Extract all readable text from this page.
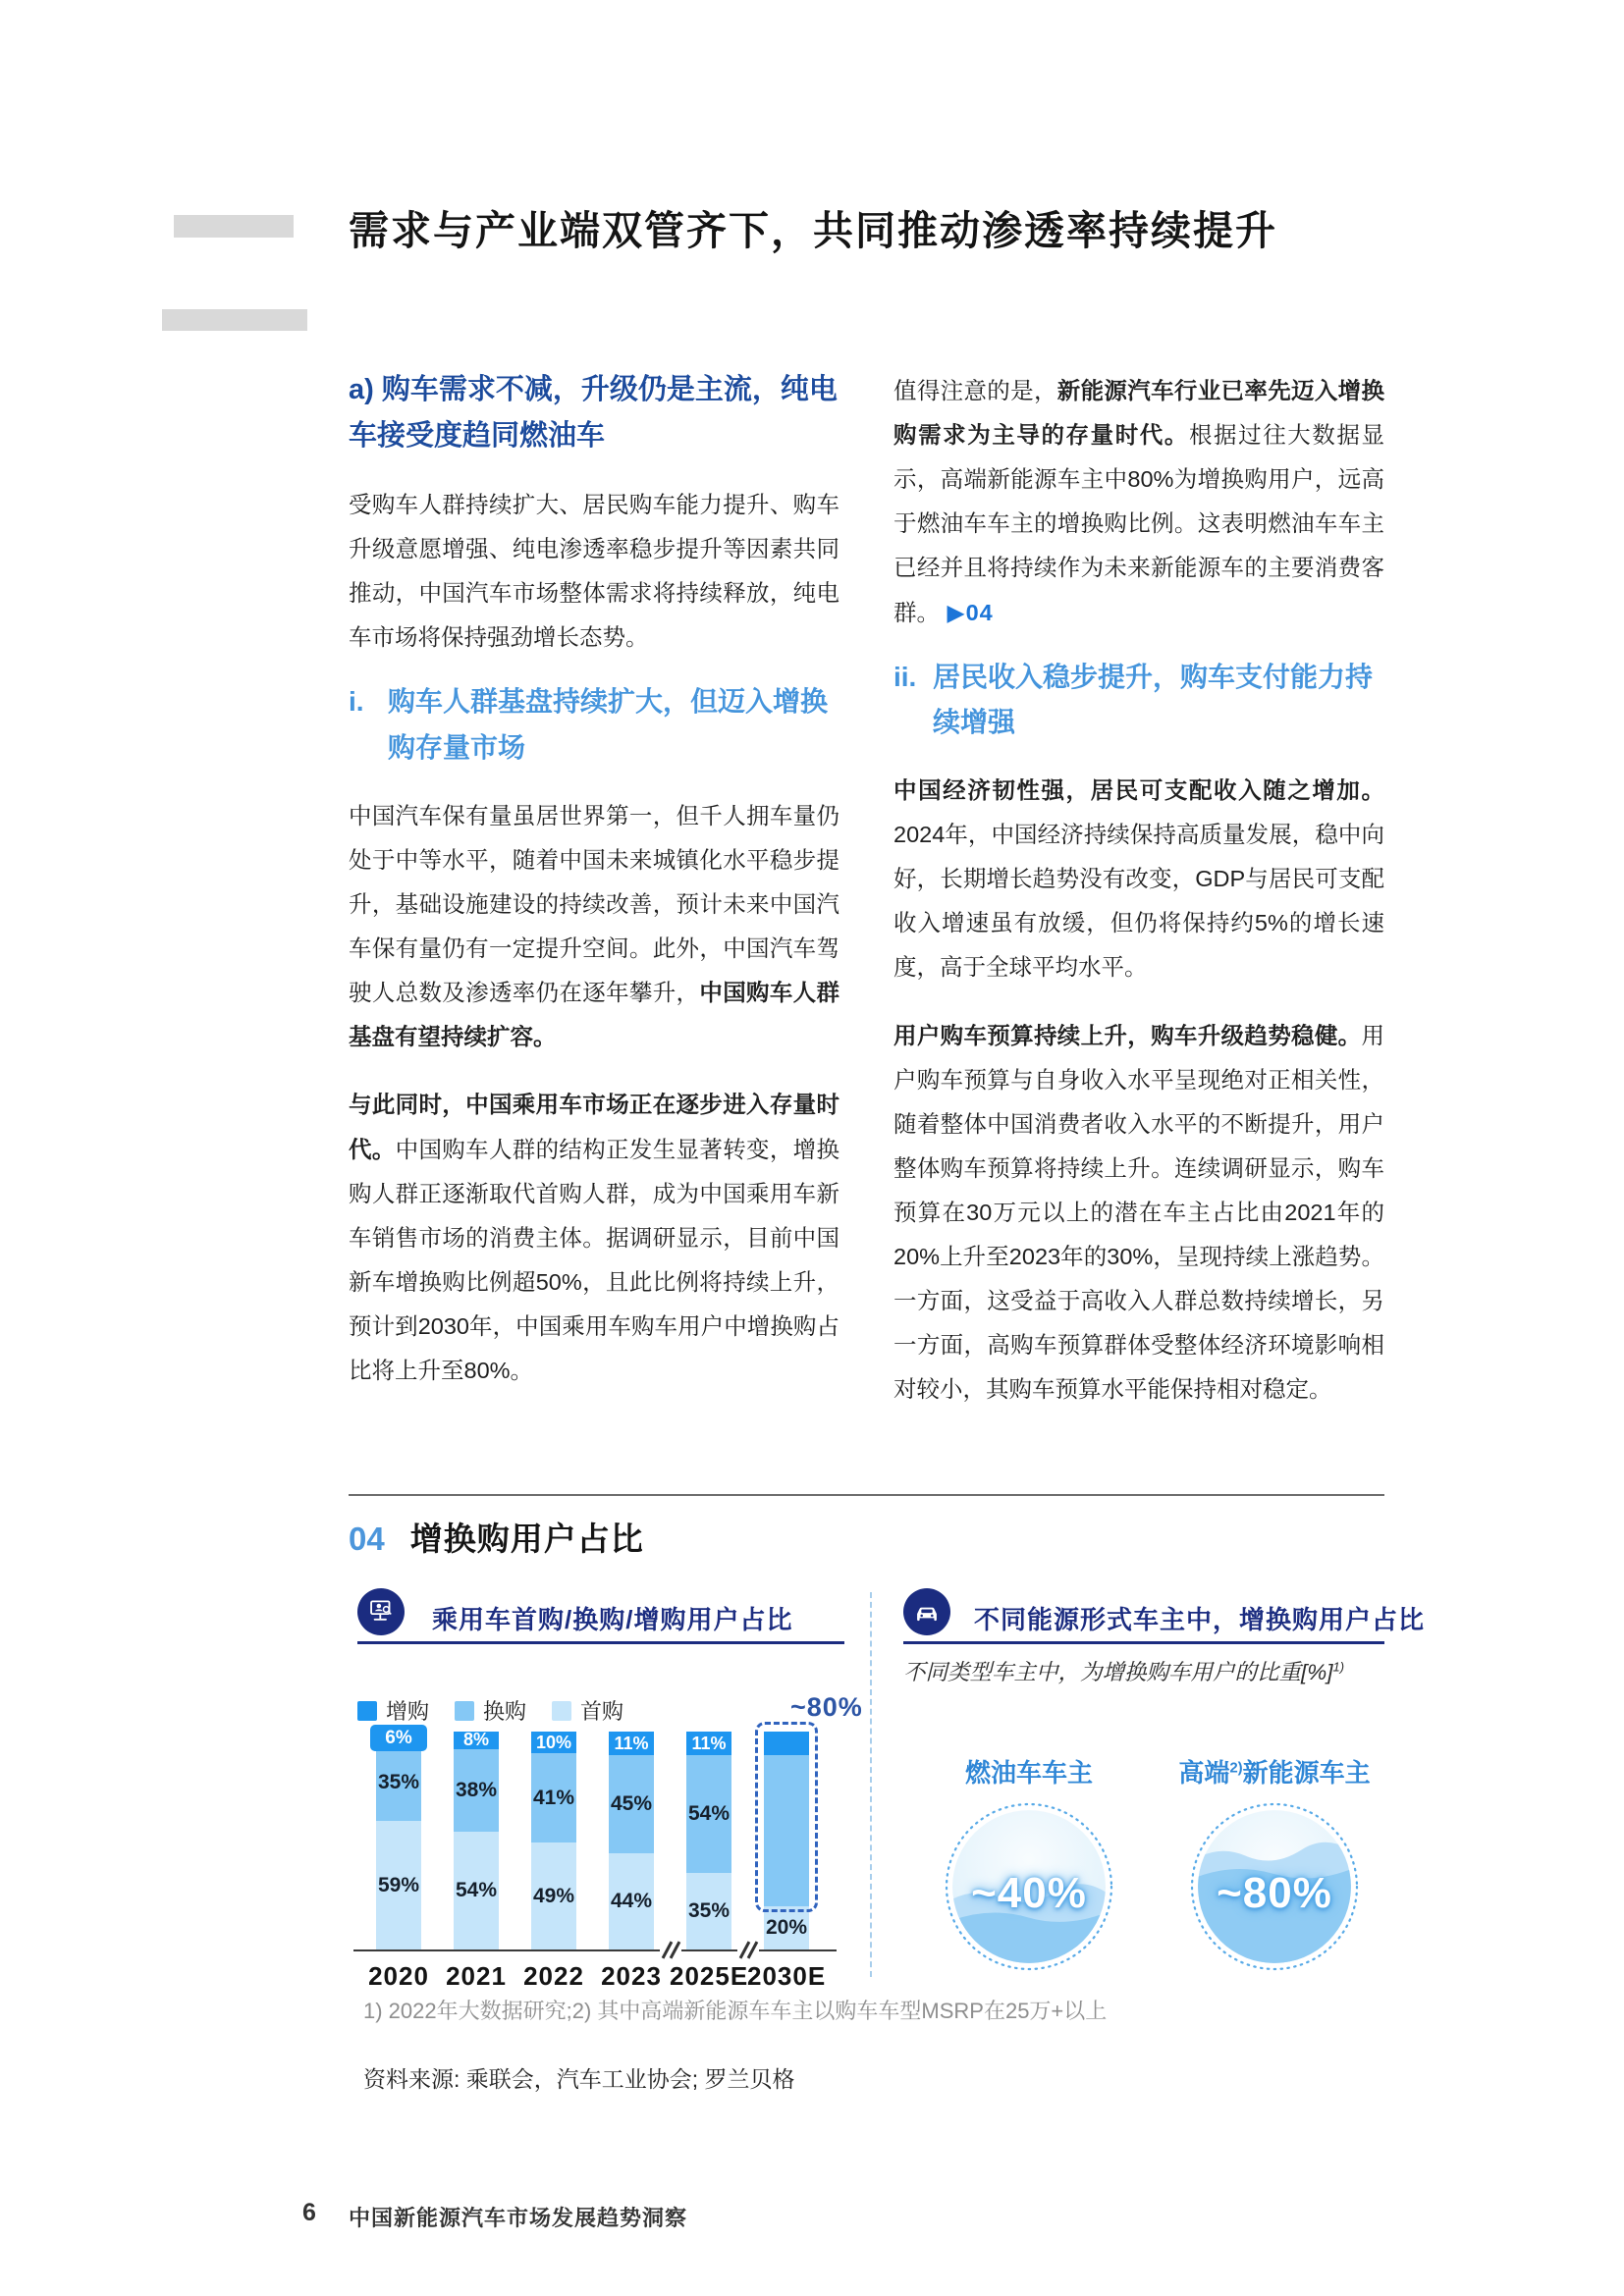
需求与产业端双管齐下，共同推动渗透率持续提升
a) 购车需求不减，升级仍是主流，纯电车接受度趋同燃油车

受购车人群持续扩大、居民购车能力提升、购车升级意愿增强、纯电渗透率稳步提升等因素共同推动，中国汽车市场整体需求将持续释放，纯电车市场将保持强劲增长态势。

i. 购车人群基盘持续扩大，但迈入增换购存量市场

中国汽车保有量虽居世界第一，但千人拥车量仍处于中等水平，随着中国未来城镇化水平稳步提升，基础设施建设的持续改善，预计未来中国汽车保有量仍有一定提升空间。此外，中国汽车驾驶人总数及渗透率仍在逐年攀升，中国购车人群基盘有望持续扩容。

与此同时，中国乘用车市场正在逐步进入存量时代。中国购车人群的结构正发生显著转变，增换购人群正逐渐取代首购人群，成为中国乘用车新车销售市场的消费主体。据调研显示，目前中国新车增换购比例超50%，且此比例将持续上升，预计到2030年，中国乘用车购车用户中增换购占比将上升至80%。

值得注意的是，新能源汽车行业已率先迈入增换购需求为主导的存量时代。根据过往大数据显示，高端新能源车主中80%为增换购用户，远高于燃油车车主的增换购比例。这表明燃油车车主已经并且将持续作为未来新能源车的主要消费客群。 ▶04

ii. 居民收入稳步提升，购车支付能力持续增强

中国经济韧性强，居民可支配收入随之增加。2024年，中国经济持续保持高质量发展，稳中向好，长期增长趋势没有改变，GDP与居民可支配收入增速虽有放缓，但仍将保持约5%的增长速度，高于全球平均水平。

用户购车预算持续上升，购车升级趋势稳健。用户购车预算与自身收入水平呈现绝对正相关性，随着整体中国消费者收入水平的不断提升，用户整体购车预算将持续上升。连续调研显示，购车预算在30万元以上的潜在车主占比由2021年的20%上升至2023年的30%，呈现持续上涨趋势。一方面，这受益于高收入人群总数持续增长，另一方面，高购车预算群体受整体经济环境影响相对较小，其购车预算水平能保持相对稳定。

04 增换购用户占比
乘用车首购/换购/增购用户占比
增购	换购	首购
59%
35%
6%
2020
54%
38%
8%
2021
49%
41%
10%
2022
44%
45%
11%
2023
35%
54%
11%
2025E
20%
2030E
~80%
不同能源形式车主中，增换购用户占比
不同类型车主中，为增换购车用户的比重[%]$^{1)}$
燃油车车主	高端$^{2)}$新能源车主
~40%	~80%
1) 2022年大数据研究;2) 其中高端新能源车车主以购车车型MSRP在25万+以上
资料来源: 乘联会，汽车工业协会; 罗兰贝格
6 中国新能源汽车市场发展趋势洞察
